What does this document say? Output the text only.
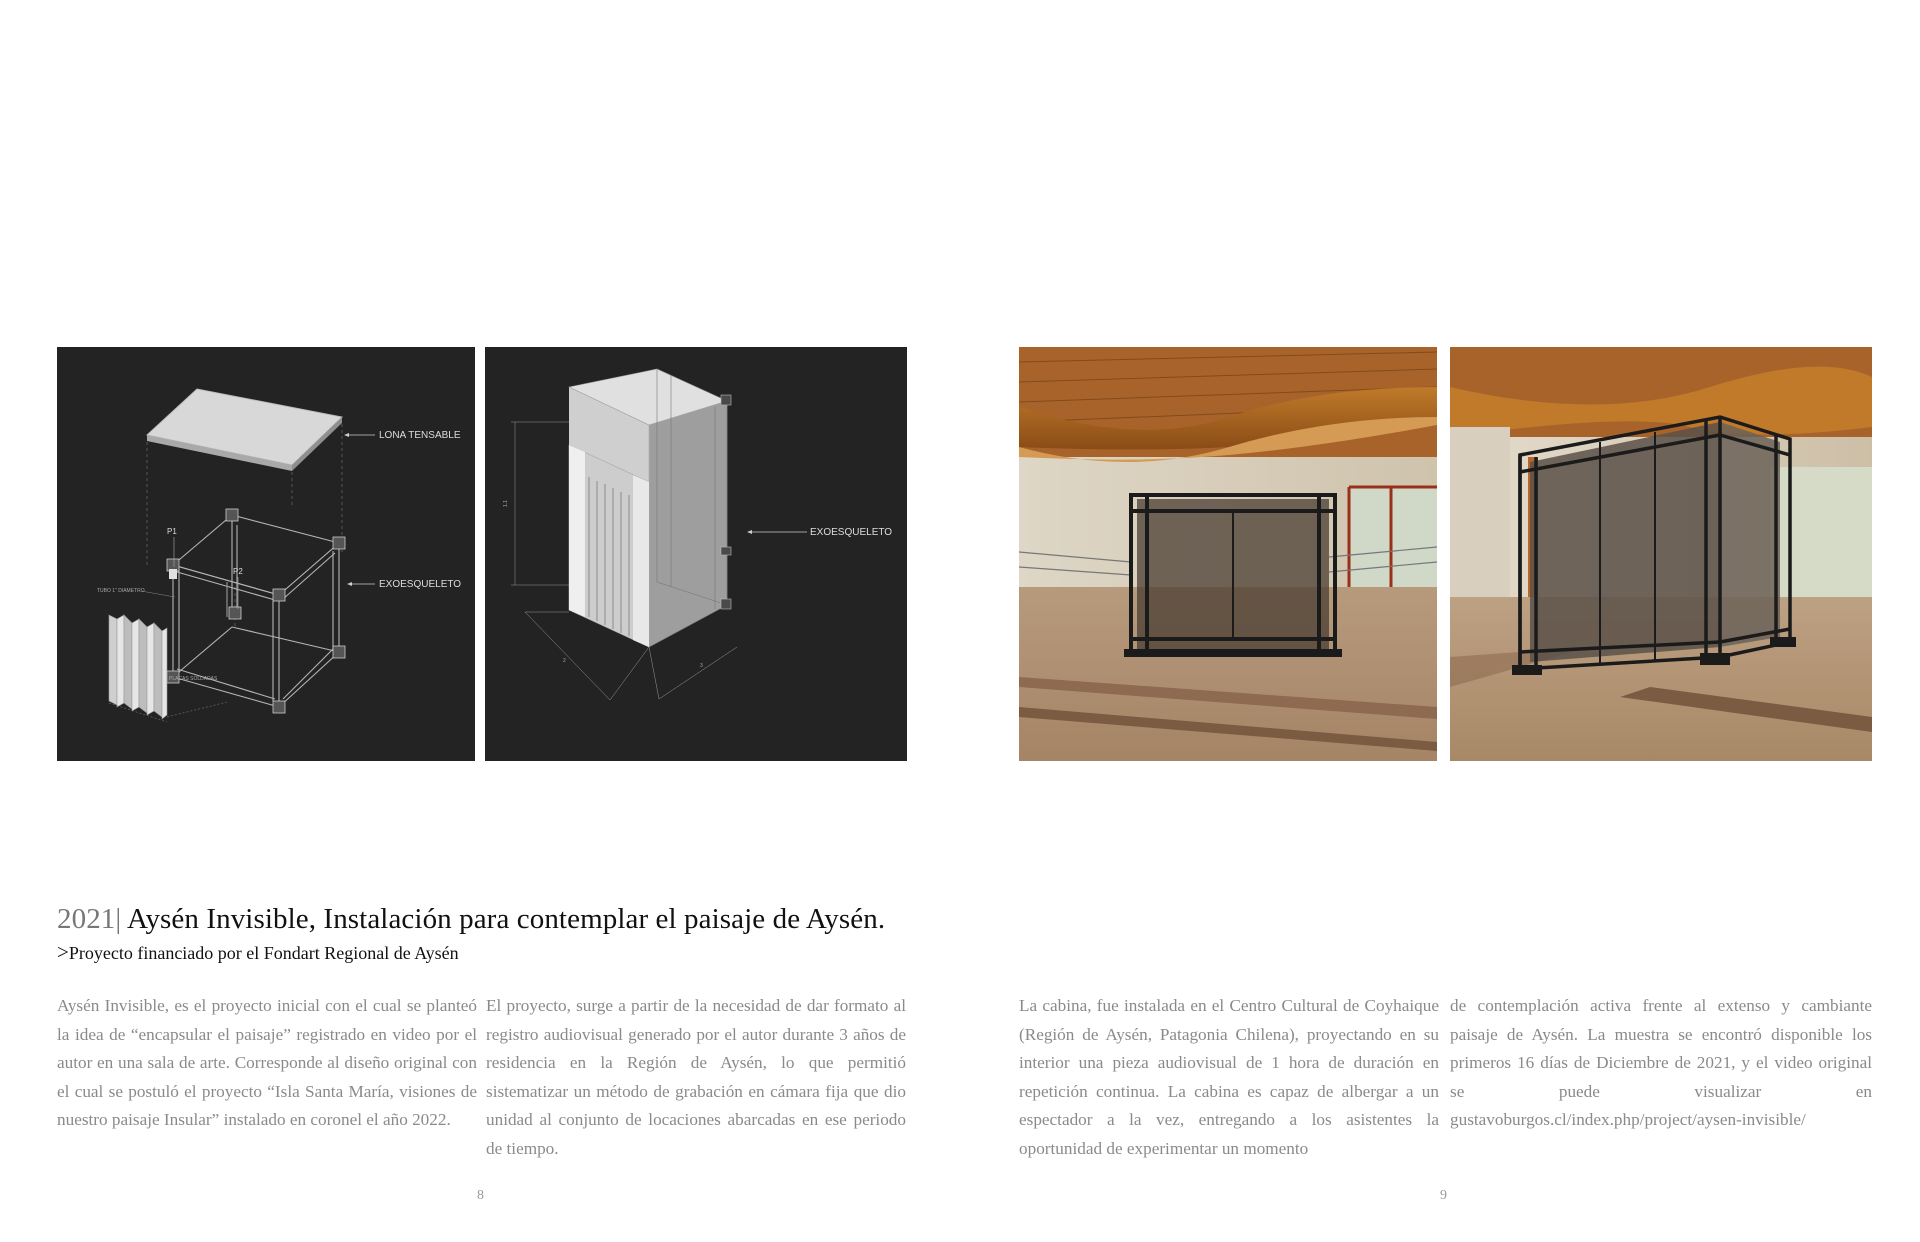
LONA TENSABLE
P1
P2
TUBO 1" DIAMETRO
EXOESQUELETO
PLACAS SOLDADAS
1.1
2
3
EXOESQUELETO
2021| Aysén Invisible, Instalación para contemplar el paisaje de Aysén.
>Proyecto financiado por el Fondart Regional de Aysén
Aysén Invisible, es el proyecto inicial con el cual se planteó la idea de “encapsular el paisaje” registrado en video por el autor en una sala de arte. Corresponde al diseño original con el cual se postuló el proyecto “Isla Santa María, visiones de nuestro paisaje Insular” instalado en coronel el año 2022.
El proyecto, surge a partir de la necesidad de dar formato al registro audiovisual generado por el autor durante 3 años de residencia en la Región de Aysén, lo que permitió sistematizar un método de grabación en cámara fija que dio unidad al conjunto de locaciones abarcadas en ese periodo de tiempo.
La cabina, fue instalada en el Centro Cultural de Coyhaique (Región de Aysén, Patagonia Chilena), proyectando en su interior una pieza audiovisual de 1 hora de duración en repetición continua. La cabina es capaz de albergar a un espectador a la vez, entregando a los asistentes la oportunidad de experimentar un momento
de contemplación activa frente al extenso y cambiante paisaje de Aysén. La muestra se encontró disponible los primeros 16 días de Diciembre de 2021, y el video original se puede visualizar en gustavoburgos.cl/index.php/project/aysen-invisible/
8	9
